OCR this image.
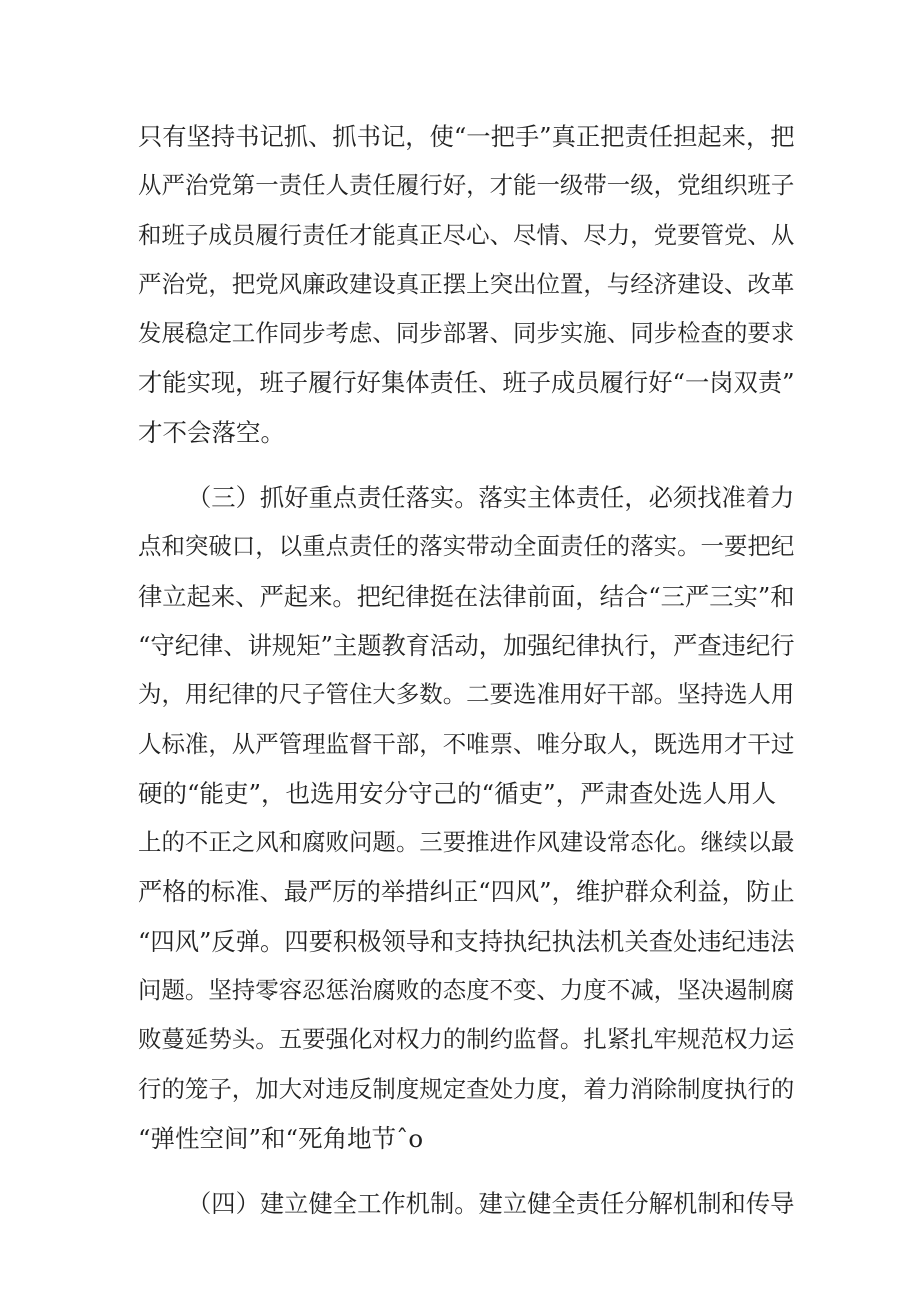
只有坚持书记抓、抓书记，使“一把手”真正把责任担起来，把
从严治党第一责任人责任履行好，才能一级带一级，党组织班子
和班子成员履行责任才能真正尽心、尽情、尽力，党要管党、从
严治党，把党风廉政建设真正摆上突出位置，与经济建设、改革
发展稳定工作同步考虑、同步部署、同步实施、同步检查的要求
才能实现，班子履行好集体责任、班子成员履行好“一岗双责”
才不会落空。
（三）抓好重点责任落实。落实主体责任，必须找准着力
点和突破口，以重点责任的落实带动全面责任的落实。一要把纪
律立起来、严起来。把纪律挺在法律前面，结合“三严三实”和
“守纪律、讲规矩”主题教育活动，加强纪律执行，严查违纪行
为，用纪律的尺子管住大多数。二要选准用好干部。坚持选人用
人标准，从严管理监督干部，不唯票、唯分取人，既选用才干过
硬的“能吏”，也选用安分守己的“循吏”，严肃查处选人用人
上的不正之风和腐败问题。三要推进作风建设常态化。继续以最
严格的标准、最严厉的举措纠正“四风”，维护群众利益，防止
“四风”反弹。四要积极领导和支持执纪执法机关查处违纪违法
问题。坚持零容忍惩治腐败的态度不变、力度不减，坚决遏制腐
败蔓延势头。五要强化对权力的制约监督。扎紧扎牢规范权力运
行的笼子，加大对违反制度规定查处力度，着力消除制度执行的
“弹性空间”和“死角地节ˆo
（四）建立健全工作机制。建立健全责任分解机制和传导
